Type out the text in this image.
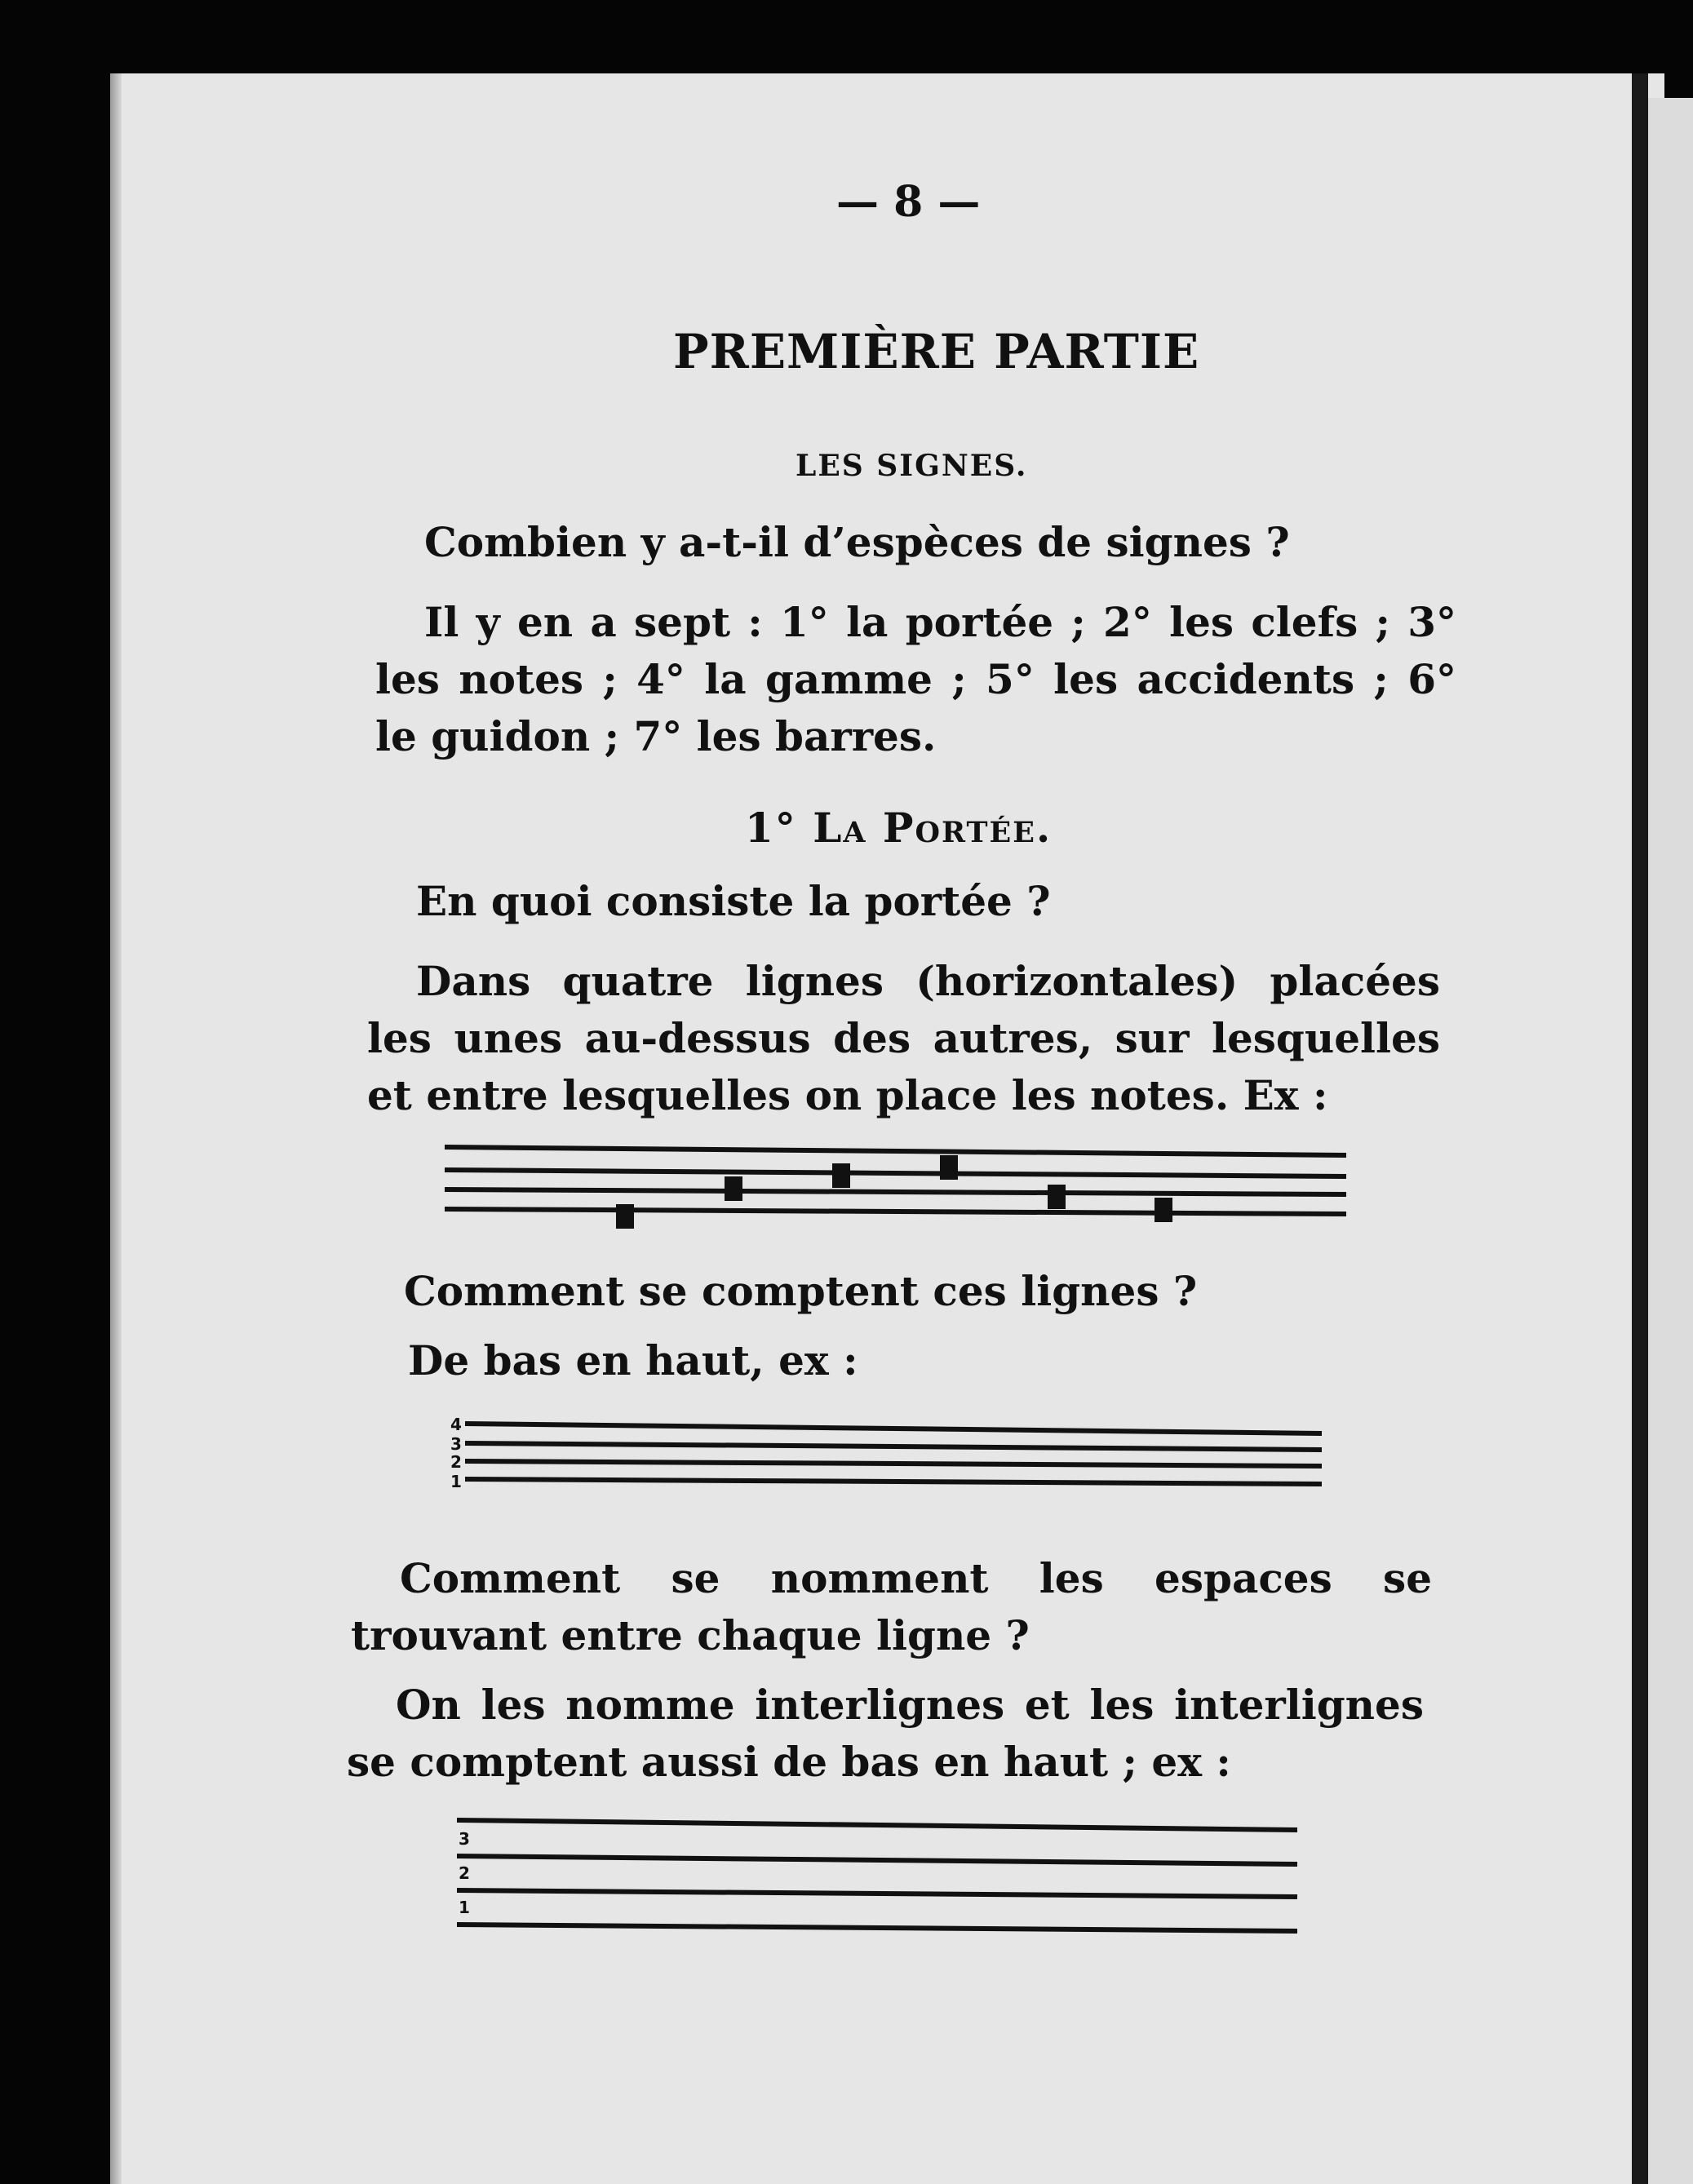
— 8 —
PREMIÈRE PARTIE
LES SIGNES.
Combien y a-t-il d’espèces de signes ?

Il y en a sept : 1° la portée ; 2° les clefs ; 3° les notes ; 4° la gamme ; 5° les accidents ; 6° le guidon ; 7° les barres.

1° La Portée.
En quoi consiste la portée ?

Dans quatre lignes (horizontales) placées les unes au-dessus des autres, sur lesquelles et entre lesquelles on place les notes. Ex :

Comment se comptent ces lignes ?
De bas en haut, ex :
4
3
2
1

Comment se nomment les espaces se trouvant entre chaque ligne ?

On les nomme interlignes et les interlignes se comptent aussi de bas en haut ; ex :

3
2
1
